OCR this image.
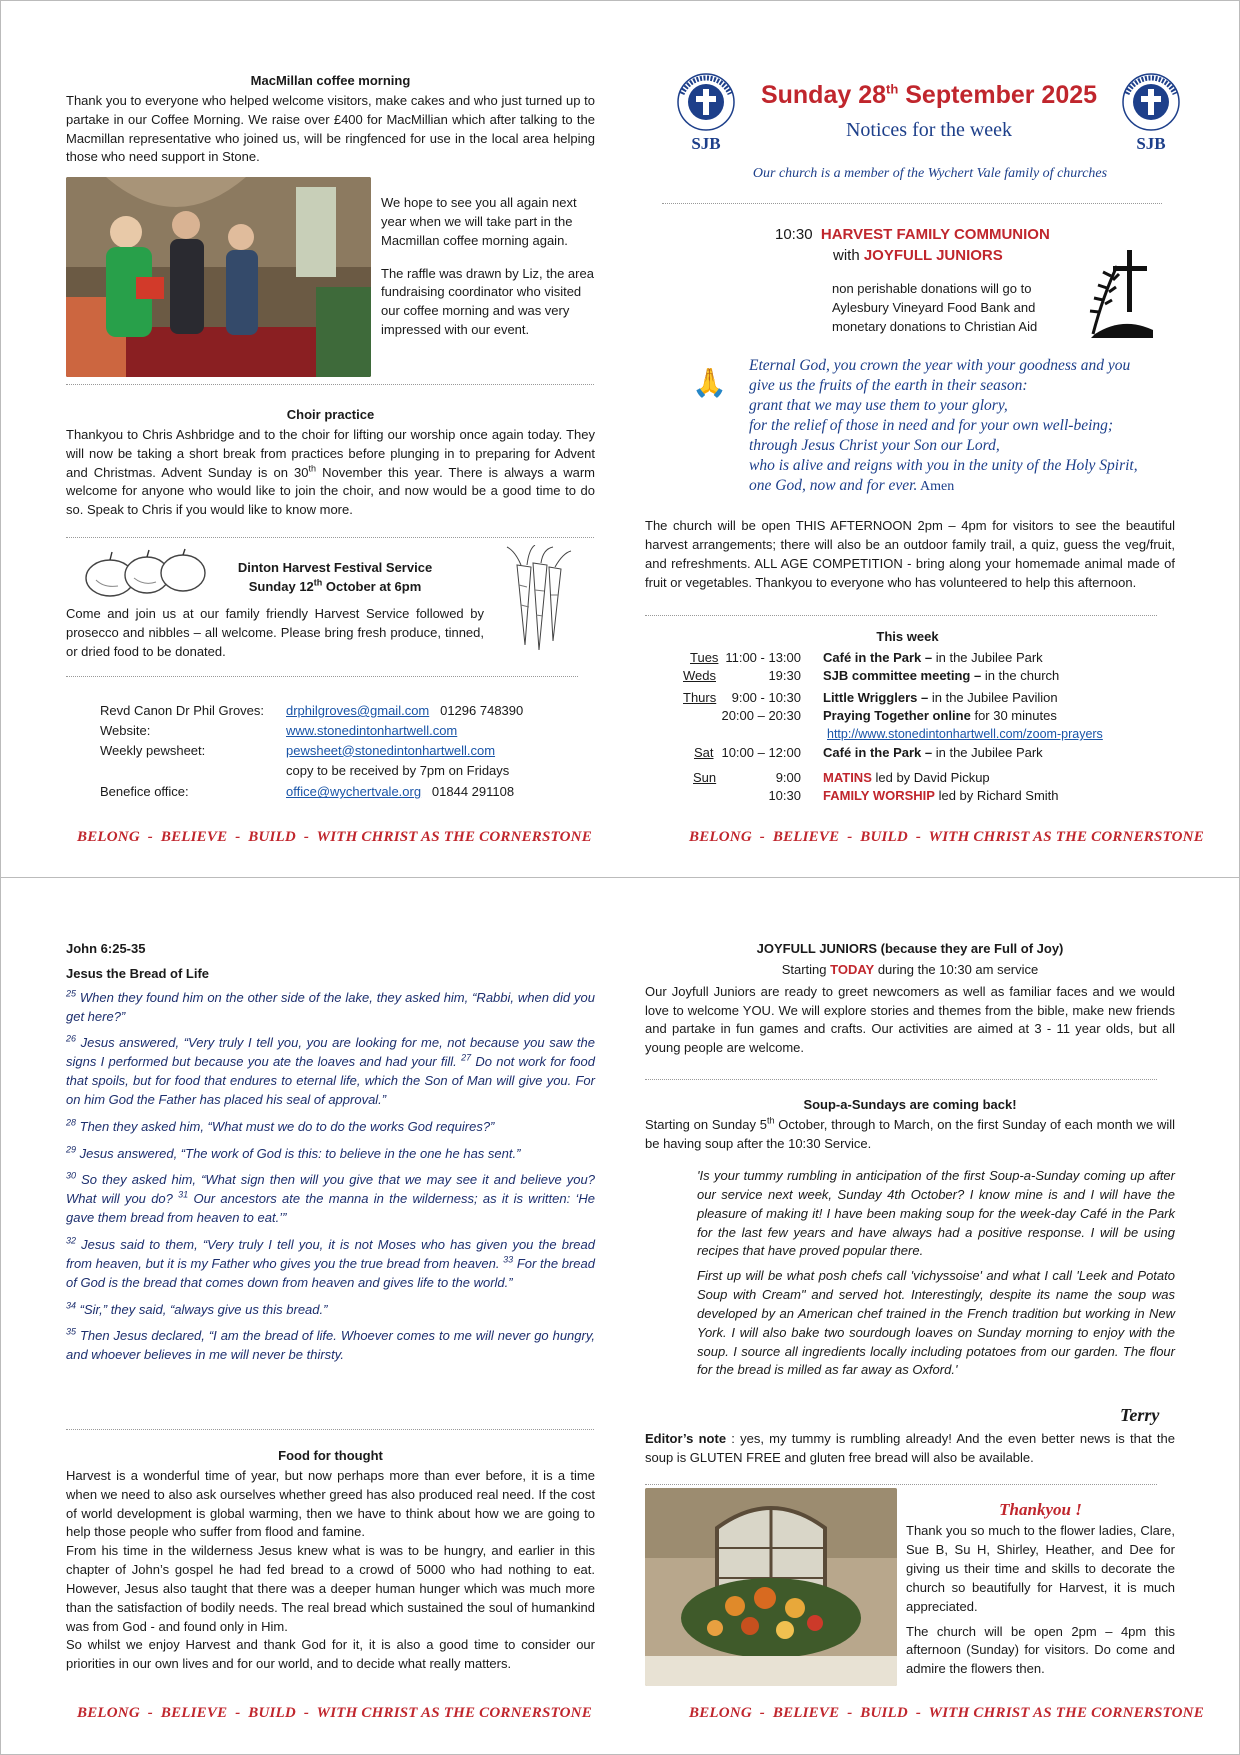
MacMillan coffee morning

Thank you to everyone who helped welcome visitors, make cakes and who just turned up to partake in our Coffee Morning. We raise over £400 for MacMillian which after talking to the Macmillan representative who joined us, will be ringfenced for use in the local area helping those who need support in Stone.

We hope to see you all again next year when we will take part in the Macmillan coffee morning again.

The raffle was drawn by Liz, the area fundraising coordinator who visited our coffee morning and was very impressed with our event.

Choir practice

Thankyou to Chris Ashbridge and to the choir for lifting our worship once again today. They will now be taking a short break from practices before plunging in to preparing for Advent and Christmas. Advent Sunday is on 30th November this year. There is always a warm welcome for anyone who would like to join the choir, and now would be a good time to do so. Speak to Chris if you would like to know more.

Dinton Harvest Festival Service

Sunday 12th October at 6pm

Come and join us at our family friendly Harvest Service followed by prosecco and nibbles – all welcome. Please bring fresh produce, tinned, or dried food to be donated.

Revd Canon Dr Phil Groves:	drphilgroves@gmail.com 01296 748390
Website:	www.stonedintonhartwell.com
Weekly pewsheet:	pewsheet@stonedintonhartwell.com
	copy to be received by 7pm on Fridays
Benefice office:	office@wychertvale.org 01844 291108
BELONG  -  BELIEVE  -  BUILD  -  WITH CHRIST AS THE CORNERSTONE
SJB	SJB
Sunday 28th September 2025
Notices for the week
Our church is a member of the Wychert Vale family of churches
10:30 HARVEST FAMILY COMMUNION
with JOYFULL JUNIORS
non perishable donations will go to Aylesbury Vineyard Food Bank and monetary donations to Christian Aid
🙏
Eternal God, you crown the year with your goodness and you
give us the fruits of the earth in their season:
grant that we may use them to your glory,
for the relief of those in need and for your own well-being;
through Jesus Christ your Son our Lord,
who is alive and reigns with you in the unity of the Holy Spirit,
one God, now and for ever. Amen

The church will be open THIS AFTERNOON 2pm – 4pm for visitors to see the beautiful harvest arrangements; there will also be an outdoor family trail, a quiz, guess the veg/fruit, and refreshments. ALL AGE COMPETITION - bring along your homemade animal made of fruit or vegetables. Thankyou to everyone who has volunteered to help this afternoon.

This week
Tues 11:00 - 13:00 Café in the Park – in the Jubilee Park
Weds	19:30 SJB committee meeting – in the church
Thurs 9:00 - 10:30 Little Wrigglers – in the Jubilee Pavilion
20:00 – 20:30 Praying Together online for 30 minutes
http://www.stonedintonhartwell.com/zoom-prayers
Sat 10:00 – 12:00 Café in the Park – in the Jubilee Park
Sun	9:00 MATINS led by David Pickup
10:30 FAMILY WORSHIP led by Richard Smith
BELONG  -  BELIEVE  -  BUILD  -  WITH CHRIST AS THE CORNERSTONE

John 6:25-35

Jesus the Bread of Life

$^{25}$ When they found him on the other side of the lake, they asked him, “Rabbi, when did you get here?”

$^{26}$ Jesus answered, “Very truly I tell you, you are looking for me, not because you saw the signs I performed but because you ate the loaves and had your fill. $^{27}$ Do not work for food that spoils, but for food that endures to eternal life, which the Son of Man will give you. For on him God the Father has placed his seal of approval.”

$^{28}$ Then they asked him, “What must we do to do the works God requires?”

$^{29}$ Jesus answered, “The work of God is this: to believe in the one he has sent.”

$^{30}$ So they asked him, “What sign then will you give that we may see it and believe you? What will you do? $^{31}$ Our ancestors ate the manna in the wilderness; as it is written: ‘He gave them bread from heaven to eat.’”

$^{32}$ Jesus said to them, “Very truly I tell you, it is not Moses who has given you the bread from heaven, but it is my Father who gives you the true bread from heaven. $^{33}$ For the bread of God is the bread that comes down from heaven and gives life to the world.”

$^{34}$ “Sir,” they said, “always give us this bread.”

$^{35}$ Then Jesus declared, “I am the bread of life. Whoever comes to me will never go hungry, and whoever believes in me will never be thirsty.

Food for thought

Harvest is a wonderful time of year, but now perhaps more than ever before, it is a time when we need to also ask ourselves whether greed has also produced real need. If the cost of world development is global warming, then we have to think about how we are going to help those people who suffer from flood and famine.

From his time in the wilderness Jesus knew what is was to be hungry, and earlier in this chapter of John’s gospel he had fed bread to a crowd of 5000 who had nothing to eat. However, Jesus also taught that there was a deeper human hunger which was much more than the satisfaction of bodily needs. The real bread which sustained the soul of humankind was from God - and found only in Him.

So whilst we enjoy Harvest and thank God for it, it is also a good time to consider our priorities in our own lives and for our world, and to decide what really matters.

BELONG  -  BELIEVE  -  BUILD  -  WITH CHRIST AS THE CORNERSTONE

JOYFULL JUNIORS (because they are Full of Joy)

Starting TODAY during the 10:30 am service

Our Joyfull Juniors are ready to greet newcomers as well as familiar faces and we would love to welcome YOU. We will explore stories and themes from the bible, make new friends and partake in fun games and crafts. Our activities are aimed at 3 - 11 year olds, but all young people are welcome.

Soup-a-Sundays are coming back!

Starting on Sunday 5th October, through to March, on the first Sunday of each month we will be having soup after the 10:30 Service.

'Is your tummy rumbling in anticipation of the first Soup-a-Sunday coming up after our service next week, Sunday 4th October? I know mine is and I will have the pleasure of making it! I have been making soup for the week-day Café in the Park for the last few years and have always had a positive response. I will be using recipes that have proved popular there.

First up will be what posh chefs call 'vichyssoise' and what I call 'Leek and Potato Soup with Cream" and served hot. Interestingly, despite its name the soup was developed by an American chef trained in the French tradition but working in New York. I will also bake two sourdough loaves on Sunday morning to enjoy with the soup. I source all ingredients locally including potatoes from our garden. The flour for the bread is milled as far away as Oxford.'

Terry

Editor’s note : yes, my tummy is rumbling already! And the even better news is that the soup is GLUTEN FREE and gluten free bread will also be available.

Thankyou !

Thank you so much to the flower ladies, Clare, Sue B, Su H, Shirley, Heather, and Dee for giving us their time and skills to decorate the church so beautifully for Harvest, it is much appreciated.

The church will be open 2pm – 4pm this afternoon (Sunday) for visitors. Do come and admire the flowers then.

BELONG  -  BELIEVE  -  BUILD  -  WITH CHRIST AS THE CORNERSTONE
